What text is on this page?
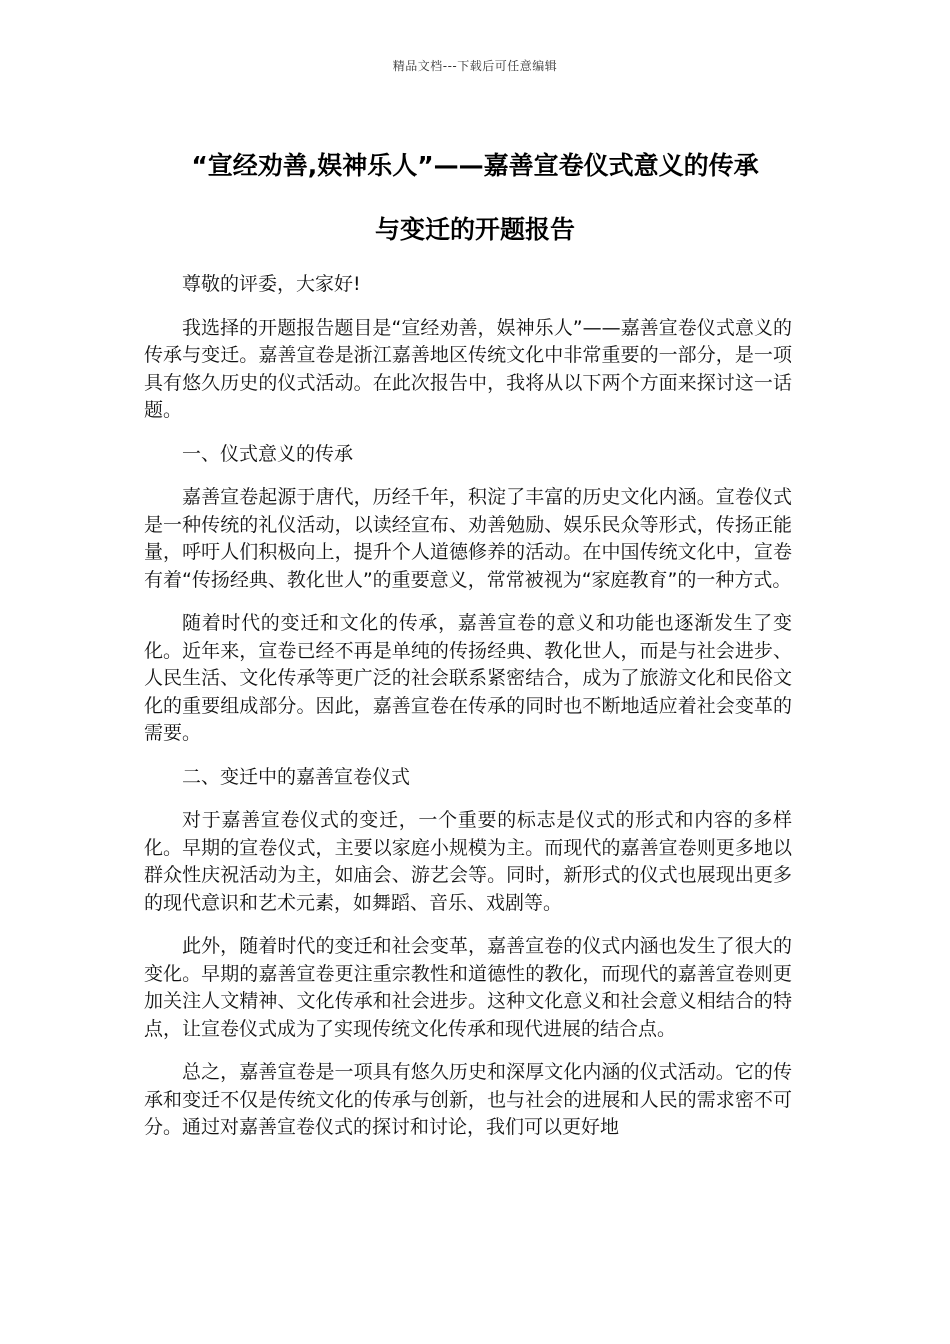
精品文档---下载后可任意编辑
“宣经劝善,娱神乐人”——嘉善宣卷仪式意义的传承
与变迁的开题报告

尊敬的评委，大家好!

我选择的开题报告题目是“宣经劝善，娱神乐人”——嘉善宣卷仪式意义的传承与变迁。嘉善宣卷是浙江嘉善地区传统文化中非常重要的一部分，是一项具有悠久历史的仪式活动。在此次报告中，我将从以下两个方面来探讨这一话题。

一、仪式意义的传承

嘉善宣卷起源于唐代，历经千年，积淀了丰富的历史文化内涵。宣卷仪式是一种传统的礼仪活动，以读经宣布、劝善勉励、娱乐民众等形式，传扬正能量，呼吁人们积极向上，提升个人道德修养的活动。在中国传统文化中，宣卷有着“传扬经典、教化世人”的重要意义，常常被视为“家庭教育”的一种方式。

随着时代的变迁和文化的传承，嘉善宣卷的意义和功能也逐渐发生了变化。近年来，宣卷已经不再是单纯的传扬经典、教化世人，而是与社会进步、人民生活、文化传承等更广泛的社会联系紧密结合，成为了旅游文化和民俗文化的重要组成部分。因此，嘉善宣卷在传承的同时也不断地适应着社会变革的需要。

二、变迁中的嘉善宣卷仪式

对于嘉善宣卷仪式的变迁，一个重要的标志是仪式的形式和内容的多样化。早期的宣卷仪式，主要以家庭小规模为主。而现代的嘉善宣卷则更多地以群众性庆祝活动为主，如庙会、游艺会等。同时，新形式的仪式也展现出更多的现代意识和艺术元素，如舞蹈、音乐、戏剧等。

此外，随着时代的变迁和社会变革，嘉善宣卷的仪式内涵也发生了很大的变化。早期的嘉善宣卷更注重宗教性和道德性的教化，而现代的嘉善宣卷则更加关注人文精神、文化传承和社会进步。这种文化意义和社会意义相结合的特点，让宣卷仪式成为了实现传统文化传承和现代进展的结合点。

总之，嘉善宣卷是一项具有悠久历史和深厚文化内涵的仪式活动。它的传承和变迁不仅是传统文化的传承与创新，也与社会的进展和人民的需求密不可分。通过对嘉善宣卷仪式的探讨和讨论，我们可以更好地
